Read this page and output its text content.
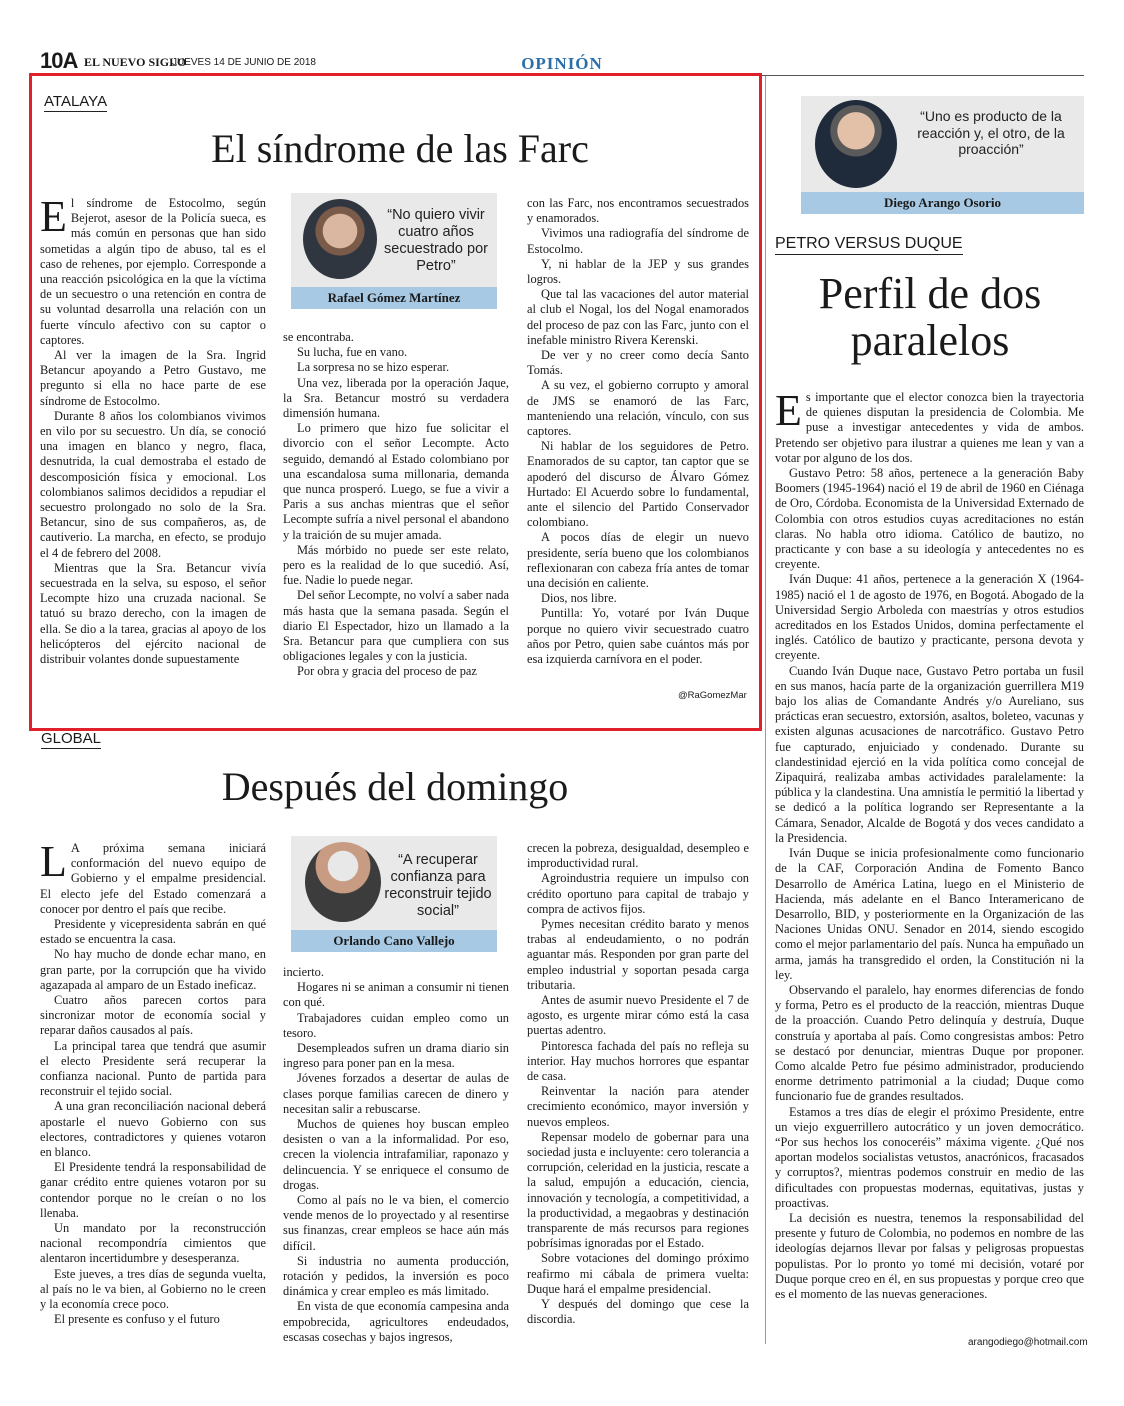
10A EL NUEVO SIGLO
JUEVES 14 DE JUNIO DE 2018	OPINIÓN
ATALAYA
El síndrome de las Farc

El síndrome de Estocolmo, según Bejerot, asesor de la Policía sueca, es más común en personas que han sido sometidas a algún tipo de abuso, tal es el caso de rehenes, por ejemplo. Corresponde a una reacción psicológica en la que la víctima de un secuestro o una retención en contra de su voluntad desarrolla una relación con un fuerte vínculo afectivo con su captor o captores.

Al ver la imagen de la Sra. Ingrid Betancur apoyando a Petro Gustavo, me pregunto si ella no hace parte de ese síndrome de Estocolmo.

Durante 8 años los colombianos vivimos en vilo por su secuestro. Un día, se conoció una imagen en blanco y negro, flaca, desnutrida, la cual demostraba el estado de descomposición física y emocional. Los colombianos salimos decididos a repudiar el secuestro prolongado no solo de la Sra. Betancur, sino de sus compañeros, as, de cautiverio. La marcha, en efecto, se produjo el 4 de febrero del 2008.

Mientras que la Sra. Betancur vivía secuestrada en la selva, su esposo, el señor Lecompte hizo una cruzada nacional. Se tatuó su brazo derecho, con la imagen de ella. Se dio a la tarea, gracias al apoyo de los helicópteros del ejército nacional de distribuir volantes donde supuestamente

“No quiero vivir cuatro años secuestrado por Petro”
Rafael Gómez Martínez

se encontraba.

Su lucha, fue en vano.

La sorpresa no se hizo esperar.

Una vez, liberada por la operación Jaque, la Sra. Betancur mostró su verdadera dimensión humana.

Lo primero que hizo fue solicitar el divorcio con el señor Lecompte. Acto seguido, demandó al Estado colombiano por una escandalosa suma millonaria, demanda que nunca prosperó. Luego, se fue a vivir a Paris a sus anchas mientras que el señor Lecompte sufría a nivel personal el abandono y la traición de su mujer amada.

Más mórbido no puede ser este relato, pero es la realidad de lo que sucedió. Así, fue. Nadie lo puede negar.

Del señor Lecompte, no volví a saber nada más hasta que la semana pasada. Según el diario El Espectador, hizo un llamado a la Sra. Betancur para que cumpliera con sus obligaciones legales y con la justicia.

Por obra y gracia del proceso de paz

con las Farc, nos encontramos secuestrados y enamorados.

Vivimos una radiografía del síndrome de Estocolmo.

Y, ni hablar de la JEP y sus grandes logros.

Que tal las vacaciones del autor material al club el Nogal, los del Nogal enamorados del proceso de paz con las Farc, junto con el inefable ministro Rivera Kerenski.

De ver y no creer como decía Santo Tomás.

A su vez, el gobierno corrupto y amoral de JMS se enamoró de las Farc, manteniendo una relación, vínculo, con sus captores.

Ni hablar de los seguidores de Petro. Enamorados de su captor, tan captor que se apoderó del discurso de Álvaro Gómez Hurtado: El Acuerdo sobre lo fundamental, ante el silencio del Partido Conservador colombiano.

A pocos días de elegir un nuevo presidente, sería bueno que los colombianos reflexionaran con cabeza fría antes de tomar una decisión en caliente.

Dios, nos libre.

Puntilla: Yo, votaré por Iván Duque porque no quiero vivir secuestrado cuatro años por Petro, quien sabe cuántos más por esa izquierda carnívora en el poder.

@RaGomezMar
GLOBAL
Después del domingo

L A próxima semana iniciará conformación del nuevo equipo de Gobierno y el empalme presidencial. El electo jefe del Estado comenzará a conocer por dentro el país que recibe.

Presidente y vicepresidenta sabrán en qué estado se encuentra la casa.

No hay mucho de donde echar mano, en gran parte, por la corrupción que ha vivido agazapada al amparo de un Estado ineficaz.

Cuatro años parecen cortos para sincronizar motor de economía social y reparar daños causados al país.

La principal tarea que tendrá que asumir el electo Presidente será recuperar la confianza nacional. Punto de partida para reconstruir el tejido social.

A una gran reconciliación nacional deberá apostarle el nuevo Gobierno con sus electores, contradictores y quienes votaron en blanco.

El Presidente tendrá la responsabilidad de ganar crédito entre quienes votaron por su contendor porque no le creían o no los llenaba.

Un mandato por la reconstrucción nacional recompondría cimientos que alentaron incertidumbre y desesperanza.

Este jueves, a tres días de segunda vuelta, al país no le va bien, al Gobierno no le creen y la economía crece poco.

El presente es confuso y el futuro

“A recuperar confianza para reconstruir tejido social”
Orlando Cano Vallejo

incierto.

Hogares ni se animan a consumir ni tienen con qué.

Trabajadores cuidan empleo como un tesoro.

Desempleados sufren un drama diario sin ingreso para poner pan en la mesa.

Jóvenes forzados a desertar de aulas de clases porque familias carecen de dinero y necesitan salir a rebuscarse.

Muchos de quienes hoy buscan empleo desisten o van a la informalidad. Por eso, crecen la violencia intrafamiliar, raponazo y delincuencia. Y se enriquece el consumo de drogas.

Como al país no le va bien, el comercio vende menos de lo proyectado y al resentirse sus finanzas, crear empleos se hace aún más difícil.

Si industria no aumenta producción, rotación y pedidos, la inversión es poco dinámica y crear empleo es más limitado.

En vista de que economía campesina anda empobrecida, agricultores endeudados, escasas cosechas y bajos ingresos,

crecen la pobreza, desigualdad, desempleo e improductividad rural.

Agroindustria requiere un impulso con crédito oportuno para capital de trabajo y compra de activos fijos.

Pymes necesitan crédito barato y menos trabas al endeudamiento, o no podrán aguantar más. Responden por gran parte del empleo industrial y soportan pesada carga tributaria.

Antes de asumir nuevo Presidente el 7 de agosto, es urgente mirar cómo está la casa puertas adentro.

Pintoresca fachada del país no refleja su interior. Hay muchos horrores que espantar de casa.

Reinventar la nación para atender crecimiento económico, mayor inversión y nuevos empleos.

Repensar modelo de gobernar para una sociedad justa e incluyente: cero tolerancia a corrupción, celeridad en la justicia, rescate a la salud, empujón a educación, ciencia, innovación y tecnología, a competitividad, a la productividad, a megaobras y destinación transparente de más recursos para regiones pobrísimas ignoradas por el Estado.

Sobre votaciones del domingo próximo reafirmo mi cábala de primera vuelta: Duque hará el empalme presidencial.

Y después del domingo que cese la discordia.

“Uno es producto de la reacción y, el otro, de la proacción”
Diego Arango Osorio
PETRO VERSUS DUQUE
Perfil de dos paralelos

Es importante que el elector conozca bien la trayectoria de quienes disputan la presidencia de Colombia. Me puse a investigar antecedentes y vida de ambos. Pretendo ser objetivo para ilustrar a quienes me lean y van a votar por alguno de los dos.

Gustavo Petro: 58 años, pertenece a la generación Baby Boomers (1945-1964) nació el 19 de abril de 1960 en Ciénaga de Oro, Córdoba. Economista de la Universidad Externado de Colombia con otros estudios cuyas acreditaciones no están claras. No habla otro idioma. Católico de bautizo, no practicante y con base a su ideología y antecedentes no es creyente.

Iván Duque: 41 años, pertenece a la generación X (1964-1985) nació el 1 de agosto de 1976, en Bogotá. Abogado de la Universidad Sergio Arboleda con maestrías y otros estudios acreditados en los Estados Unidos, domina perfectamente el inglés. Católico de bautizo y practicante, persona devota y creyente.

Cuando Iván Duque nace, Gustavo Petro portaba un fusil en sus manos, hacía parte de la organización guerrillera M19 bajo los alias de Comandante Andrés y/o Aureliano, sus prácticas eran secuestro, extorsión, asaltos, boleteo, vacunas y existen algunas acusaciones de narcotráfico. Gustavo Petro fue capturado, enjuiciado y condenado. Durante su clandestinidad ejerció en la vida política como concejal de Zipaquirá, realizaba ambas actividades paralelamente: la pública y la clandestina. Una amnistía le permitió la libertad y se dedicó a la política logrando ser Representante a la Cámara, Senador, Alcalde de Bogotá y dos veces candidato a la Presidencia.

Iván Duque se inicia profesionalmente como funcionario de la CAF, Corporación Andina de Fomento Banco Desarrollo de América Latina, luego en el Ministerio de Hacienda, más adelante en el Banco Interamericano de Desarrollo, BID, y posteriormente en la Organización de las Naciones Unidas ONU. Senador en 2014, siendo escogido como el mejor parlamentario del país. Nunca ha empuñado un arma, jamás ha transgredido el orden, la Constitución ni la ley.

Observando el paralelo, hay enormes diferencias de fondo y forma, Petro es el producto de la reacción, mientras Duque de la proacción. Cuando Petro delinquía y destruía, Duque construía y aportaba al país. Como congresistas ambos: Petro se destacó por denunciar, mientras Duque por proponer. Como alcalde Petro fue pésimo administrador, produciendo enorme detrimento patrimonial a la ciudad; Duque como funcionario fue de grandes resultados.

Estamos a tres días de elegir el próximo Presidente, entre un viejo exguerrillero autocrático y un joven democrático. “Por sus hechos los conoceréis” máxima vigente. ¿Qué nos aportan modelos socialistas vetustos, anacrónicos, fracasados y corruptos?, mientras podemos construir en medio de las dificultades con propuestas modernas, equitativas, justas y proactivas.

La decisión es nuestra, tenemos la responsabilidad del presente y futuro de Colombia, no podemos en nombre de las ideologías dejarnos llevar por falsas y peligrosas propuestas populistas. Por lo pronto yo tomé mi decisión, votaré por Duque porque creo en él, en sus propuestas y porque creo que es el momento de las nuevas generaciones.

arangodiego@hotmail.com
